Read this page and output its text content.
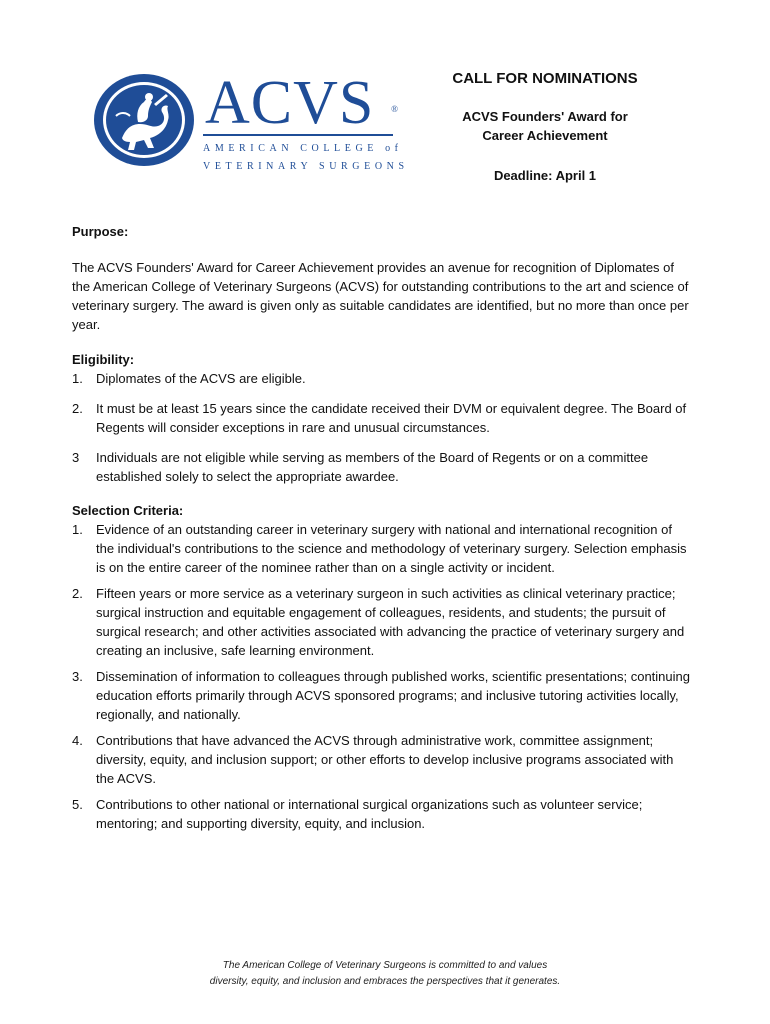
ACVS ®
AMERICAN COLLEGE of
VETERINARY SURGEONS
CALL FOR NOMINATIONS
ACVS Founders' Award for
Career Achievement
Deadline: April 1

Purpose:

The ACVS Founders' Award for Career Achievement provides an avenue for recognition of Diplomates of the American College of Veterinary Surgeons (ACVS) for outstanding contributions to the art and science of veterinary surgery. The award is given only as suitable candidates are identified, but no more than once per year.

Eligibility:

1. Diplomates of the ACVS are eligible.
2. It must be at least 15 years since the candidate received their DVM or equivalent degree. The Board of Regents will consider exceptions in rare and unusual circumstances.
3 Individuals are not eligible while serving as members of the Board of Regents or on a committee established solely to select the appropriate awardee.

Selection Criteria:

1. Evidence of an outstanding career in veterinary surgery with national and international recognition of the individual's contributions to the science and methodology of veterinary surgery. Selection emphasis is on the entire career of the nominee rather than on a single activity or incident.
2. Fifteen years or more service as a veterinary surgeon in such activities as clinical veterinary practice; surgical instruction and equitable engagement of colleagues, residents, and students; the pursuit of surgical research; and other activities associated with advancing the practice of veterinary surgery and creating an inclusive, safe learning environment.
3. Dissemination of information to colleagues through published works, scientific presentations; continuing education efforts primarily through ACVS sponsored programs; and inclusive tutoring activities locally, regionally, and nationally.
4. Contributions that have advanced the ACVS through administrative work, committee assignment; diversity, equity, and inclusion support; or other efforts to develop inclusive programs associated with the ACVS.
5. Contributions to other national or international surgical organizations such as volunteer service; mentoring; and supporting diversity, equity, and inclusion.
The American College of Veterinary Surgeons is committed to and values
diversity, equity, and inclusion and embraces the perspectives that it generates.
